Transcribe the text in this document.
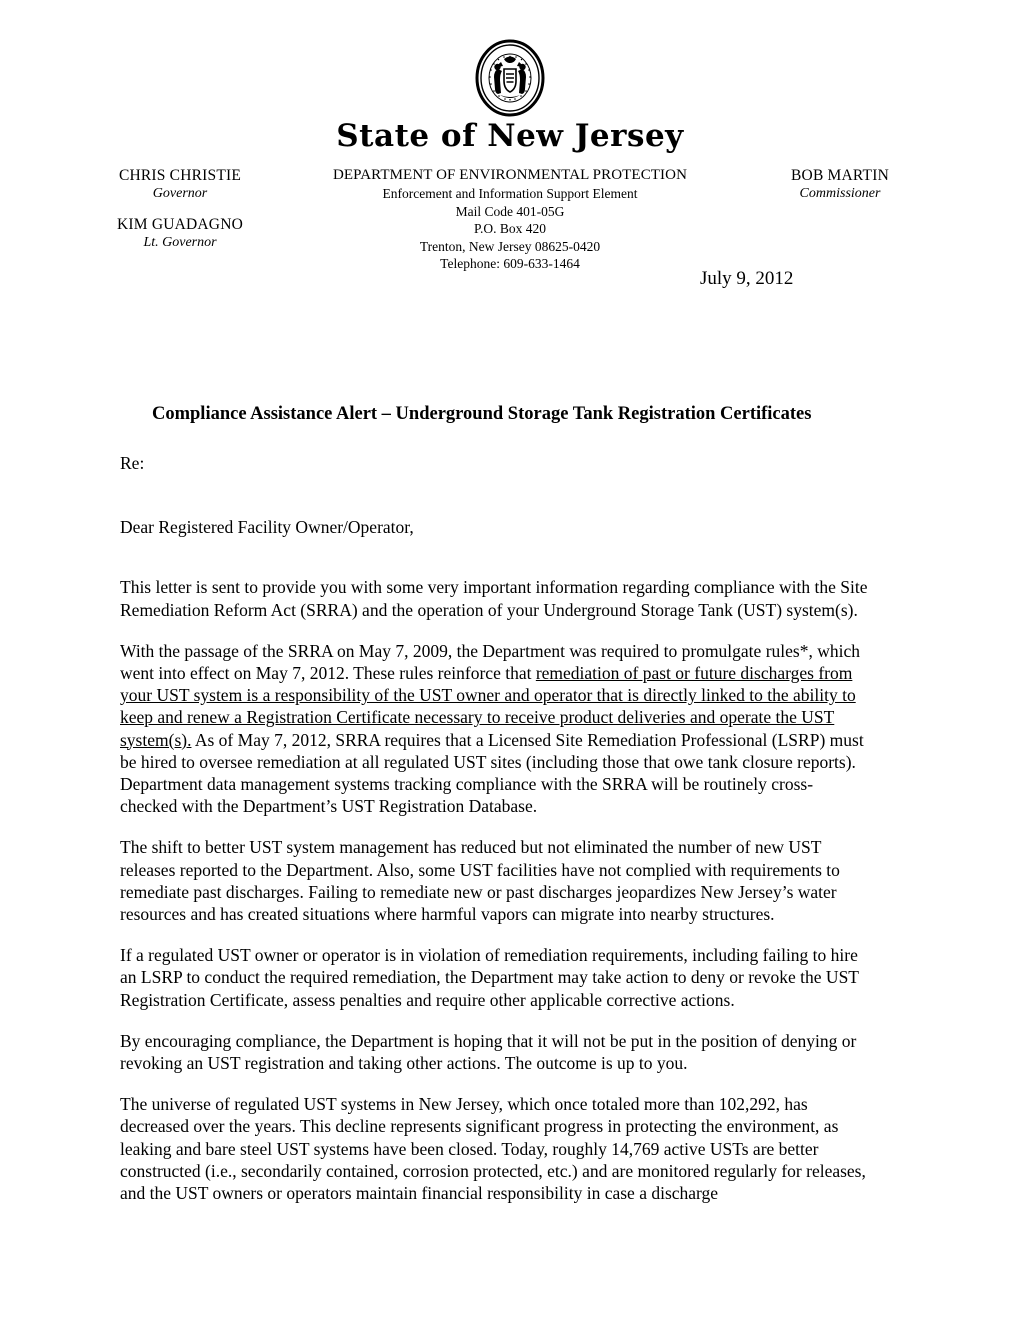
State of New Jersey
CHRIS CHRISTIE
Governor
KIM GUADAGNO
Lt. Governor
DEPARTMENT OF ENVIRONMENTAL PROTECTION
Enforcement and Information Support Element
Mail Code 401-05G
P.O. Box 420
Trenton, New Jersey 08625-0420
Telephone: 609-633-1464
BOB MARTIN
Commissioner
July 9, 2012
Compliance Assistance Alert – Underground Storage Tank Registration Certificates
Re:
Dear Registered Facility Owner/Operator,

This letter is sent to provide you with some very important information regarding compliance with the Site Remediation Reform Act (SRRA) and the operation of your Underground Storage Tank (UST) system(s).

With the passage of the SRRA on May 7, 2009, the Department was required to promulgate rules*, which went into effect on May 7, 2012. These rules reinforce that remediation of past or future discharges from your UST system is a responsibility of the UST owner and operator that is directly linked to the ability to keep and renew a Registration Certificate necessary to receive product deliveries and operate the UST system(s). As of May 7, 2012, SRRA requires that a Licensed Site Remediation Professional (LSRP) must be hired to oversee remediation at all regulated UST sites (including those that owe tank closure reports). Department data management systems tracking compliance with the SRRA will be routinely cross-checked with the Department’s UST Registration Database.

The shift to better UST system management has reduced but not eliminated the number of new UST releases reported to the Department. Also, some UST facilities have not complied with requirements to remediate past discharges. Failing to remediate new or past discharges jeopardizes New Jersey’s water resources and has created situations where harmful vapors can migrate into nearby structures.

If a regulated UST owner or operator is in violation of remediation requirements, including failing to hire an LSRP to conduct the required remediation, the Department may take action to deny or revoke the UST Registration Certificate, assess penalties and require other applicable corrective actions.

By encouraging compliance, the Department is hoping that it will not be put in the position of denying or revoking an UST registration and taking other actions. The outcome is up to you.

The universe of regulated UST systems in New Jersey, which once totaled more than 102,292, has decreased over the years. This decline represents significant progress in protecting the environment, as leaking and bare steel UST systems have been closed. Today, roughly 14,769 active USTs are better constructed (i.e., secondarily contained, corrosion protected, etc.) and are monitored regularly for releases, and the UST owners or operators maintain financial responsibility in case a discharge
